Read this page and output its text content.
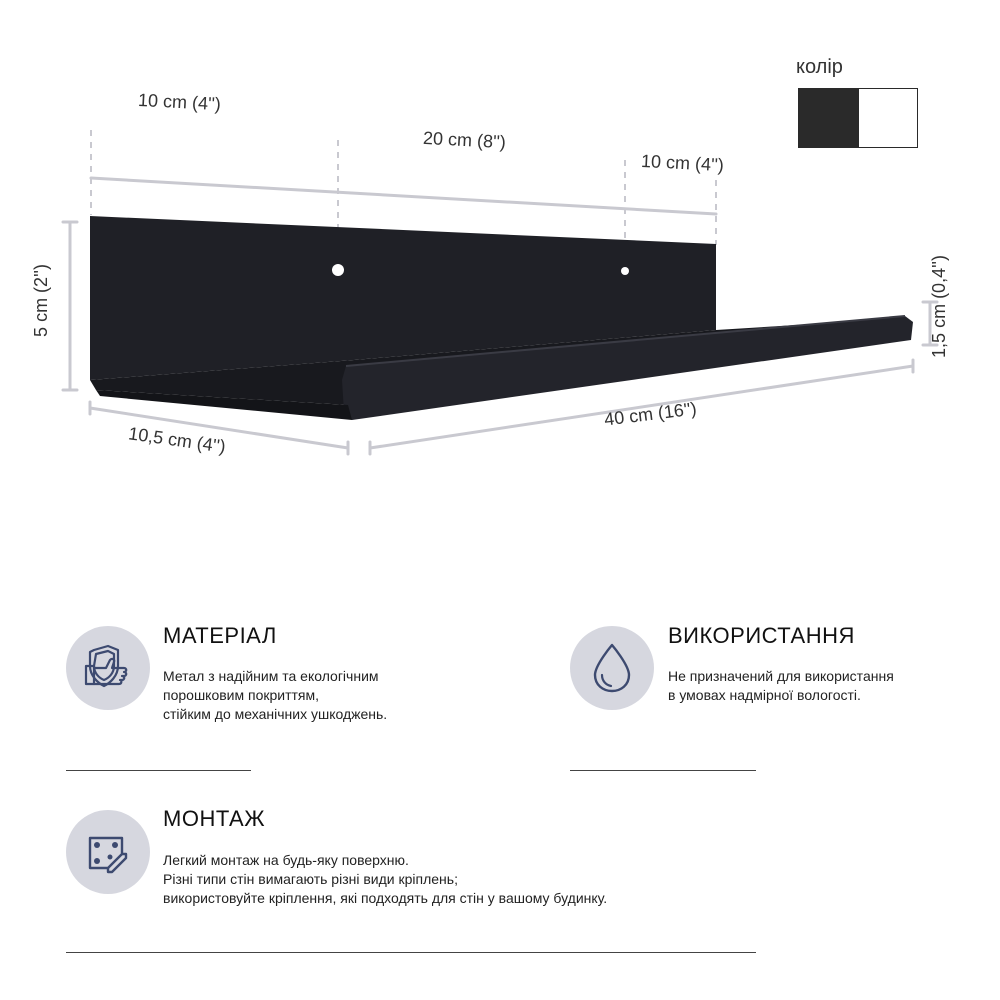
колір
10 cm (4'')
20 cm (8'')
10 cm (4'')
5 cm (2'')
10,5 cm (4'')
40 cm (16'')
1,5 cm (0,4'')
МАТЕРІАЛ
Метал з надійним та екологічним
порошковим покриттям,
стійким до механічних ушкоджень.
ВИКОРИСТАННЯ
Не призначений для використання
в умовах надмірної вологості.
МОНТАЖ
Легкий монтаж на будь-яку поверхню.
Різні типи стін вимагають різні види кріплень;
використовуйте кріплення, які подходять для стін у вашому будинку.
